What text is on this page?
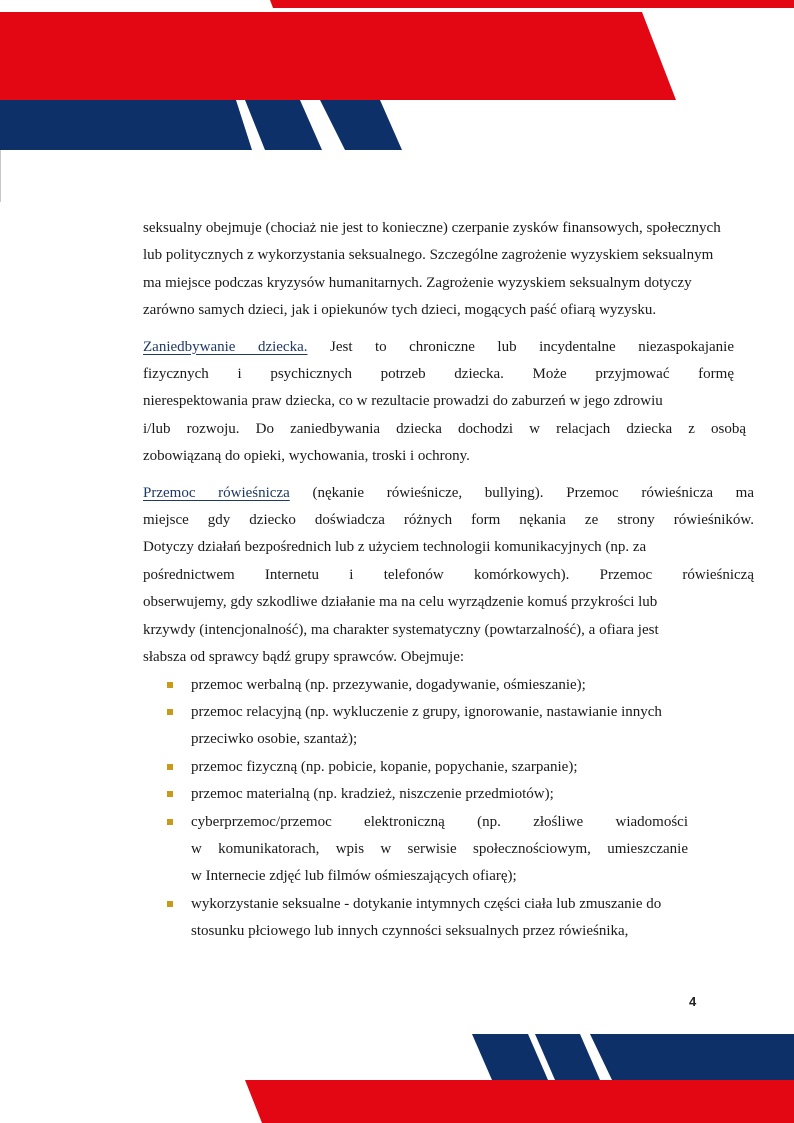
seksualny obejmuje (chociaż nie jest to konieczne) czerpanie zysków finansowych, społecznych lub politycznych z wykorzystania seksualnego. Szczególne zagrożenie wyzyskiem seksualnym ma miejsce podczas kryzysów humanitarnych. Zagrożenie wyzyskiem seksualnym dotyczy zarówno samych dzieci, jak i opiekunów tych dzieci, mogących paść ofiarą wyzysku.

Zaniedbywanie dziecka. Jest to chroniczne lub incydentalne niezaspokajanie
fizycznych i psychicznych potrzeb dziecka. Może przyjmować formę
nierespektowania praw dziecka, co w rezultacie prowadzi do zaburzeń w jego zdrowiu
i/lub rozwoju. Do zaniedbywania dziecka dochodzi w relacjach dziecka z osobą
zobowiązaną do opieki, wychowania, troski i ochrony.
Przemoc rówieśnicza (nękanie rówieśnicze, bullying). Przemoc rówieśnicza ma
miejsce gdy dziecko doświadcza różnych form nękania ze strony rówieśników.
Dotyczy działań bezpośrednich lub z użyciem technologii komunikacyjnych (np. za
pośrednictwem Internetu i telefonów komórkowych). Przemoc rówieśniczą
obserwujemy, gdy szkodliwe działanie ma na celu wyrządzenie komuś przykrości lub
krzywdy (intencjonalność), ma charakter systematyczny (powtarzalność), a ofiara jest
słabsza od sprawcy bądź grupy sprawców. Obejmuje:
przemoc werbalną (np. przezywanie, dogadywanie, ośmieszanie);
przemoc relacyjną (np. wykluczenie z grupy, ignorowanie, nastawianie innych
przeciwko osobie, szantaż);
przemoc fizyczną (np. pobicie, kopanie, popychanie, szarpanie);
przemoc materialną (np. kradzież, niszczenie przedmiotów);
cyberprzemoc/przemoc elektroniczną (np. złośliwe wiadomości
w komunikatorach, wpis w serwisie społecznościowym, umieszczanie
w Internecie zdjęć lub filmów ośmieszających ofiarę);
wykorzystanie seksualne - dotykanie intymnych części ciała lub zmuszanie do
stosunku płciowego lub innych czynności seksualnych przez rówieśnika,
4
